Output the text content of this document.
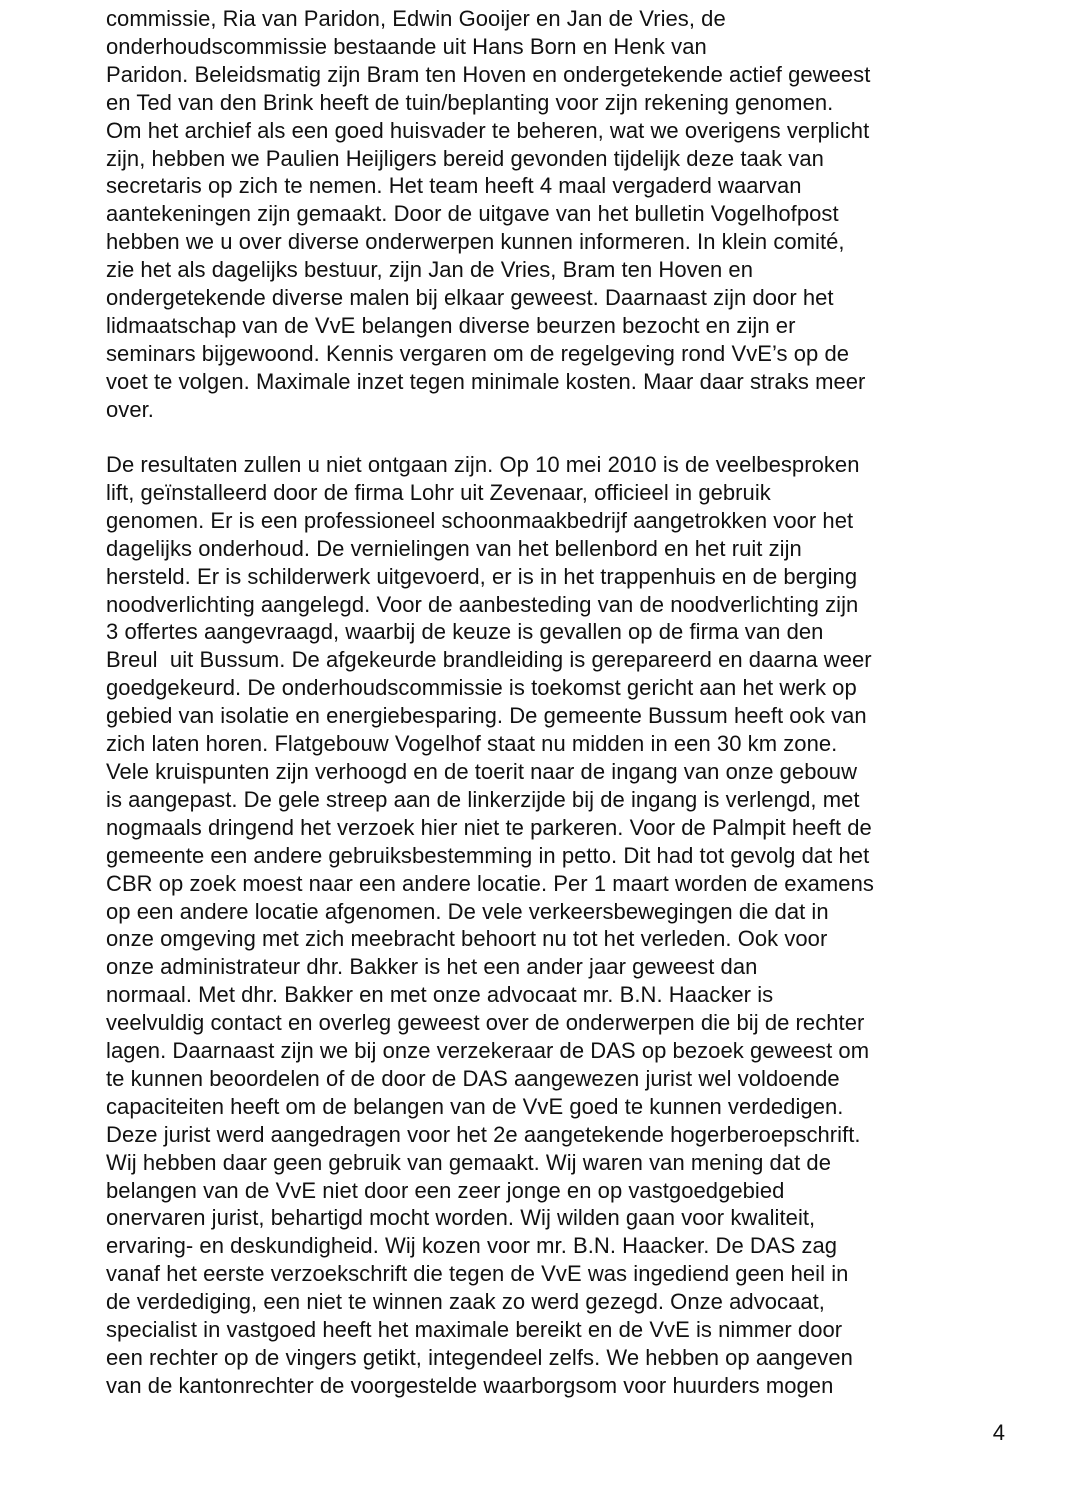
commissie, Ria van Paridon, Edwin Gooijer en Jan de Vries, de
onderhoudscommissie bestaande uit Hans Born en Henk van
Paridon. Beleidsmatig zijn Bram ten Hoven en ondergetekende actief geweest
en Ted van den Brink heeft de tuin/beplanting voor zijn rekening genomen.
Om het archief als een goed huisvader te beheren, wat we overigens verplicht
zijn, hebben we Paulien Heijligers bereid gevonden tijdelijk deze taak van
secretaris op zich te nemen. Het team heeft 4 maal vergaderd waarvan
aantekeningen zijn gemaakt. Door de uitgave van het bulletin Vogelhofpost
hebben we u over diverse onderwerpen kunnen informeren. In klein comité,
zie het als dagelijks bestuur, zijn Jan de Vries, Bram ten Hoven en
ondergetekende diverse malen bij elkaar geweest. Daarnaast zijn door het
lidmaatschap van de VvE belangen diverse beurzen bezocht en zijn er
seminars bijgewoond. Kennis vergaren om de regelgeving rond VvE’s op de
voet te volgen. Maximale inzet tegen minimale kosten. Maar daar straks meer
over.

De resultaten zullen u niet ontgaan zijn. Op 10 mei 2010 is de veelbesproken
lift, geïnstalleerd door de firma Lohr uit Zevenaar, officieel in gebruik
genomen. Er is een professioneel schoonmaakbedrijf aangetrokken voor het
dagelijks onderhoud. De vernielingen van het bellenbord en het ruit zijn
hersteld. Er is schilderwerk uitgevoerd, er is in het trappenhuis en de berging
noodverlichting aangelegd. Voor de aanbesteding van de noodverlichting zijn
3 offertes aangevraagd, waarbij de keuze is gevallen op de firma van den
Breul  uit Bussum. De afgekeurde brandleiding is gerepareerd en daarna weer
goedgekeurd. De onderhoudscommissie is toekomst gericht aan het werk op
gebied van isolatie en energiebesparing. De gemeente Bussum heeft ook van
zich laten horen. Flatgebouw Vogelhof staat nu midden in een 30 km zone.
Vele kruispunten zijn verhoogd en de toerit naar de ingang van onze gebouw
is aangepast. De gele streep aan de linkerzijde bij de ingang is verlengd, met
nogmaals dringend het verzoek hier niet te parkeren. Voor de Palmpit heeft de
gemeente een andere gebruiksbestemming in petto. Dit had tot gevolg dat het
CBR op zoek moest naar een andere locatie. Per 1 maart worden de examens
op een andere locatie afgenomen. De vele verkeersbewegingen die dat in
onze omgeving met zich meebracht behoort nu tot het verleden. Ook voor
onze administrateur dhr. Bakker is het een ander jaar geweest dan
normaal. Met dhr. Bakker en met onze advocaat mr. B.N. Haacker is
veelvuldig contact en overleg geweest over de onderwerpen die bij de rechter
lagen. Daarnaast zijn we bij onze verzekeraar de DAS op bezoek geweest om
te kunnen beoordelen of de door de DAS aangewezen jurist wel voldoende
capaciteiten heeft om de belangen van de VvE goed te kunnen verdedigen.
Deze jurist werd aangedragen voor het 2e aangetekende hogerberoepschrift.
Wij hebben daar geen gebruik van gemaakt. Wij waren van mening dat de
belangen van de VvE niet door een zeer jonge en op vastgoedgebied
onervaren jurist, behartigd mocht worden. Wij wilden gaan voor kwaliteit,
ervaring- en deskundigheid. Wij kozen voor mr. B.N. Haacker. De DAS zag
vanaf het eerste verzoekschrift die tegen de VvE was ingediend geen heil in
de verdediging, een niet te winnen zaak zo werd gezegd. Onze advocaat,
specialist in vastgoed heeft het maximale bereikt en de VvE is nimmer door
een rechter op de vingers getikt, integendeel zelfs. We hebben op aangeven
van de kantonrechter de voorgestelde waarborgsom voor huurders mogen

4
